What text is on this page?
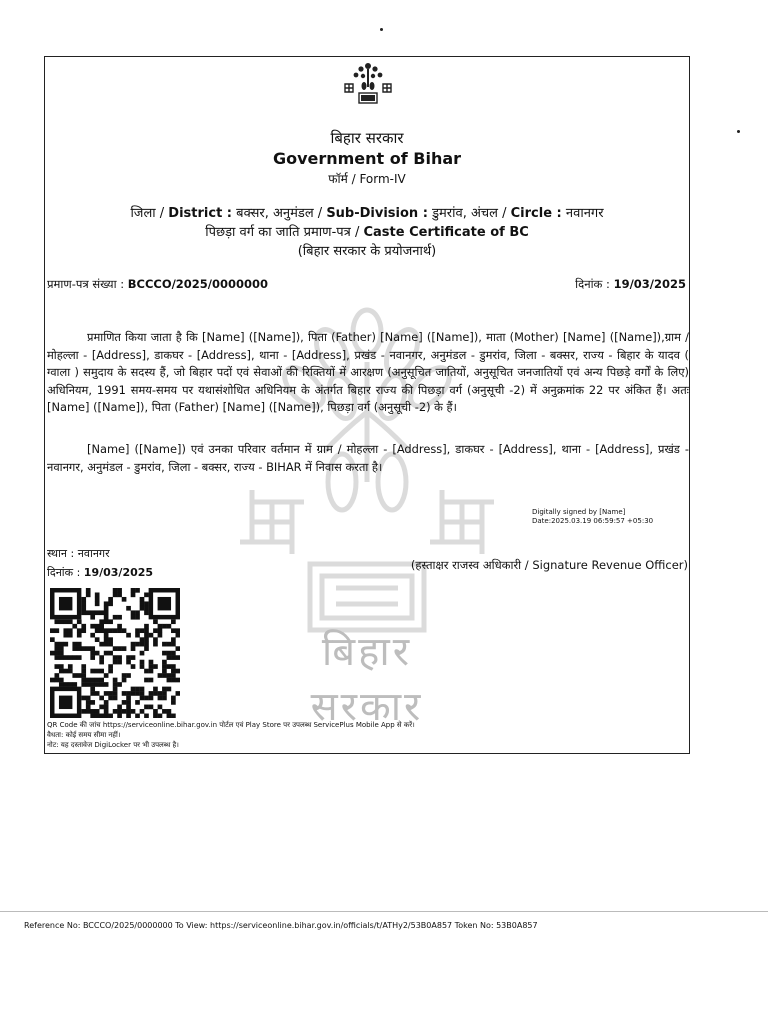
बिहार सरकार
बिहार सरकार
Government of Bihar
फॉर्म / Form-IV
जिला / District : बक्सर, अनुमंडल / Sub-Division : डुमरांव, अंचल / Circle : नवानगर
पिछड़ा वर्ग का जाति प्रमाण-पत्र / Caste Certificate of BC
(बिहार सरकार के प्रयोजनार्थ)
प्रमाण-पत्र संख्या : BCCCO/2025/0000000	दिनांक : 19/03/2025
प्रमाणित किया जाता है कि [Name] ([Name]), पिता (Father) [Name] ([Name]), माता (Mother) [Name] ([Name]),ग्राम / मोहल्ला - [Address], डाकघर - [Address], थाना - [Address], प्रखंड - नवानगर, अनुमंडल - डुमरांव, जिला - बक्सर, राज्य - बिहार के यादव ( ग्वाला ) समुदाय के सदस्य हैं, जो बिहार पदों एवं सेवाओं की रिक्तियों में आरक्षण (अनुसूचित जातियों, अनुसूचित जनजातियों एवं अन्य पिछड़े वर्गों के लिए) अधिनियम, 1991 समय-समय पर यथासंशोधित अधिनियम के अंतर्गत बिहार राज्य की पिछड़ा वर्ग (अनुसूची -2) में अनुक्रमांक 22 पर अंकित हैं। अतः [Name] ([Name]), पिता (Father) [Name] ([Name]), पिछड़ा वर्ग (अनुसूची -2) के हैं।
[Name] ([Name]) एवं उनका परिवार वर्तमान में ग्राम / मोहल्ला - [Address], डाकघर - [Address], थाना - [Address], प्रखंड - नवानगर, अनुमंडल - डुमरांव, जिला - बक्सर, राज्य - BIHAR में निवास करता है।
Digitally signed by [Name]
Date:2025.03.19 06:59:57 +05:30
स्थान : नवानगर
दिनांक : 19/03/2025
(हस्ताक्षर राजस्व अधिकारी / Signature Revenue Officer)
QR Code की जांच https://serviceonline.bihar.gov.in पोर्टल एवं Play Store पर उपलब्ध ServicePlus Mobile App से करें।
वैधता: कोई समय सीमा नहीं।
नोट: यह दस्तावेज DigiLocker पर भी उपलब्ध है।
Reference No: BCCCO/2025/0000000 To View: https://serviceonline.bihar.gov.in/officials/t/ATHy2/53B0A857 Token No: 53B0A857
